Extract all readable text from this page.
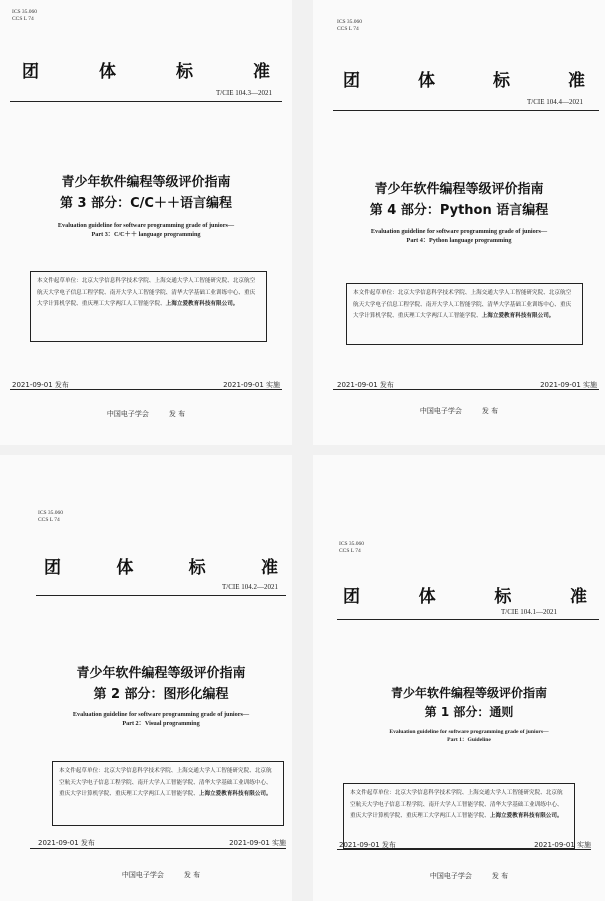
ICS 35.060
CCS L 74
团	体	标	准
T/CIE 104.3—2021
青少年软件编程等级评价指南
第 3 部分：C/C＋＋语言编程
Evaluation guideline for software programming grade of juniors—
Part 3：C/C＋＋ language programming
本文件起草单位：北京大学信息科学技术学院、上海交通大学人工智能研究院、北京航空航天大学电子信息工程学院、南开大学人工智能学院、清华大学基础工业训练中心、重庆大学计算机学院、重庆理工大学两江人工智能学院、上海立爱教育科技有限公司。
2021-09-01 发布	2021-09-01 实施
中国电子学会	发 布
ICS 35.060
CCS L 74
团	体	标	准
T/CIE 104.4—2021
青少年软件编程等级评价指南
第 4 部分：Python 语言编程
Evaluation guideline for software programming grade of juniors—
Part 4：Python language programming
本文件起草单位：北京大学信息科学技术学院、上海交通大学人工智能研究院、北京航空航天大学电子信息工程学院、南开大学人工智能学院、清华大学基础工业训练中心、重庆大学计算机学院、重庆理工大学两江人工智能学院、上海立爱教育科技有限公司。
2021-09-01 发布	2021-09-01 实施
中国电子学会	发 布
ICS 35.060
CCS L 74
团	体	标	准
T/CIE 104.2—2021
青少年软件编程等级评价指南
第 2 部分：图形化编程
Evaluation guideline for software programming grade of juniors—
Part 2：Visual programming
本文件起草单位：北京大学信息科学技术学院、上海交通大学人工智能研究院、北京航空航天大学电子信息工程学院、南开大学人工智能学院、清华大学基础工业训练中心、重庆大学计算机学院、重庆理工大学两江人工智能学院、上海立爱教育科技有限公司。
2021-09-01 发布	2021-09-01 实施
中国电子学会	发 布
ICS 35.060
CCS L 74
团	体	标	准
T/CIE 104.1—2021
青少年软件编程等级评价指南
第 1 部分：通则
Evaluation guideline for software programming grade of juniors—
Part 1：Guideline
本文件起草单位：北京大学信息科学技术学院、上海交通大学人工智能研究院、北京航空航天大学电子信息工程学院、南开大学人工智能学院、清华大学基础工业训练中心、重庆大学计算机学院、重庆理工大学两江人工智能学院、上海立爱教育科技有限公司。
2021-09-01 发布	2021-09-01 实施
中国电子学会	发 布
